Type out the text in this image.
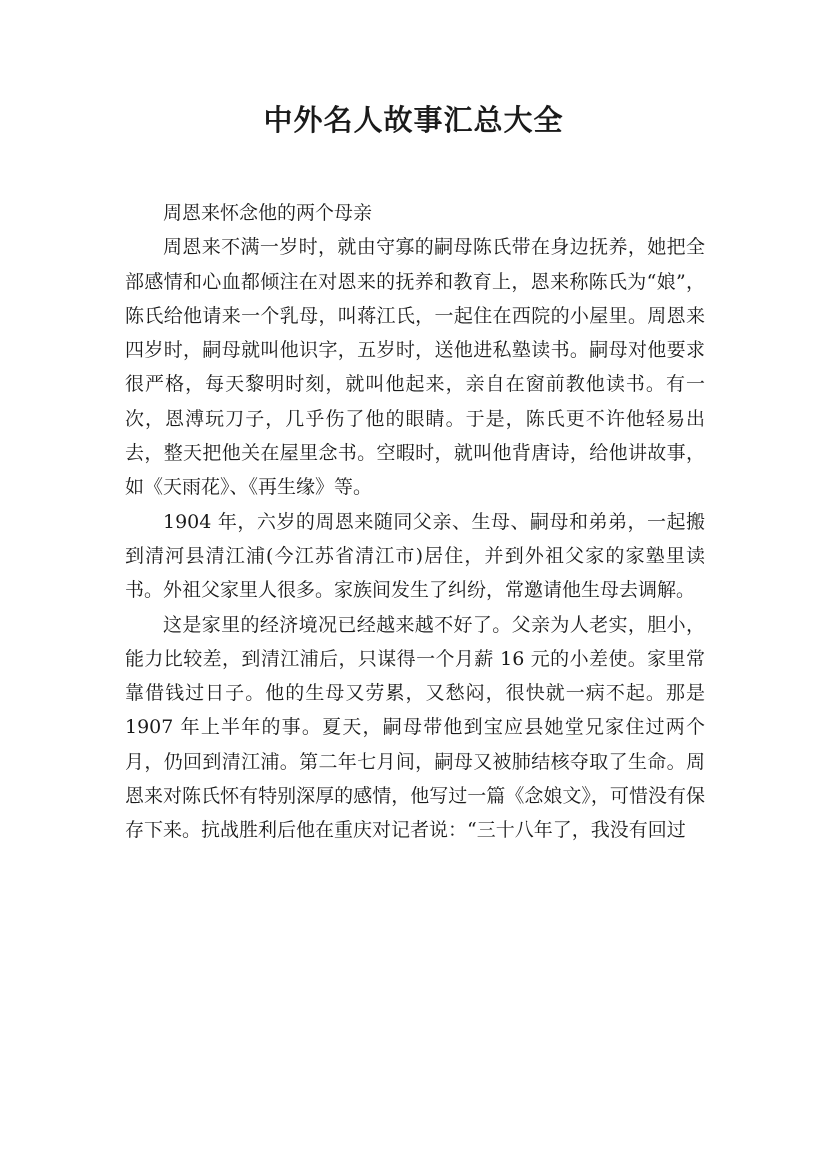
中外名人故事汇总大全

周恩来怀念他的两个母亲

周恩来不满一岁时，就由守寡的嗣母陈氏带在身边抚养，她把全部感情和心血都倾注在对恩来的抚养和教育上，恩来称陈氏为“娘”，陈氏给他请来一个乳母，叫蒋江氏，一起住在西院的小屋里。周恩来四岁时，嗣母就叫他识字，五岁时，送他进私塾读书。嗣母对他要求很严格，每天黎明时刻，就叫他起来，亲自在窗前教他读书。有一次，恩溥玩刀子，几乎伤了他的眼睛。于是，陈氏更不许他轻易出去，整天把他关在屋里念书。空暇时，就叫他背唐诗，给他讲故事，如《天雨花》、《再生缘》等。

1904 年，六岁的周恩来随同父亲、生母、嗣母和弟弟，一起搬到清河县清江浦(今江苏省清江市)居住，并到外祖父家的家塾里读书。外祖父家里人很多。家族间发生了纠纷，常邀请他生母去调解。

这是家里的经济境况已经越来越不好了。父亲为人老实，胆小，能力比较差，到清江浦后，只谋得一个月薪 16 元的小差使。家里常靠借钱过日子。他的生母又劳累，又愁闷，很快就一病不起。那是 1907 年上半年的事。夏天，嗣母带他到宝应县她堂兄家住过两个月，仍回到清江浦。第二年七月间，嗣母又被肺结核夺取了生命。周恩来对陈氏怀有特别深厚的感情，他写过一篇《念娘文》，可惜没有保存下来。抗战胜利后他在重庆对记者说：“三十八年了，我没有回过
